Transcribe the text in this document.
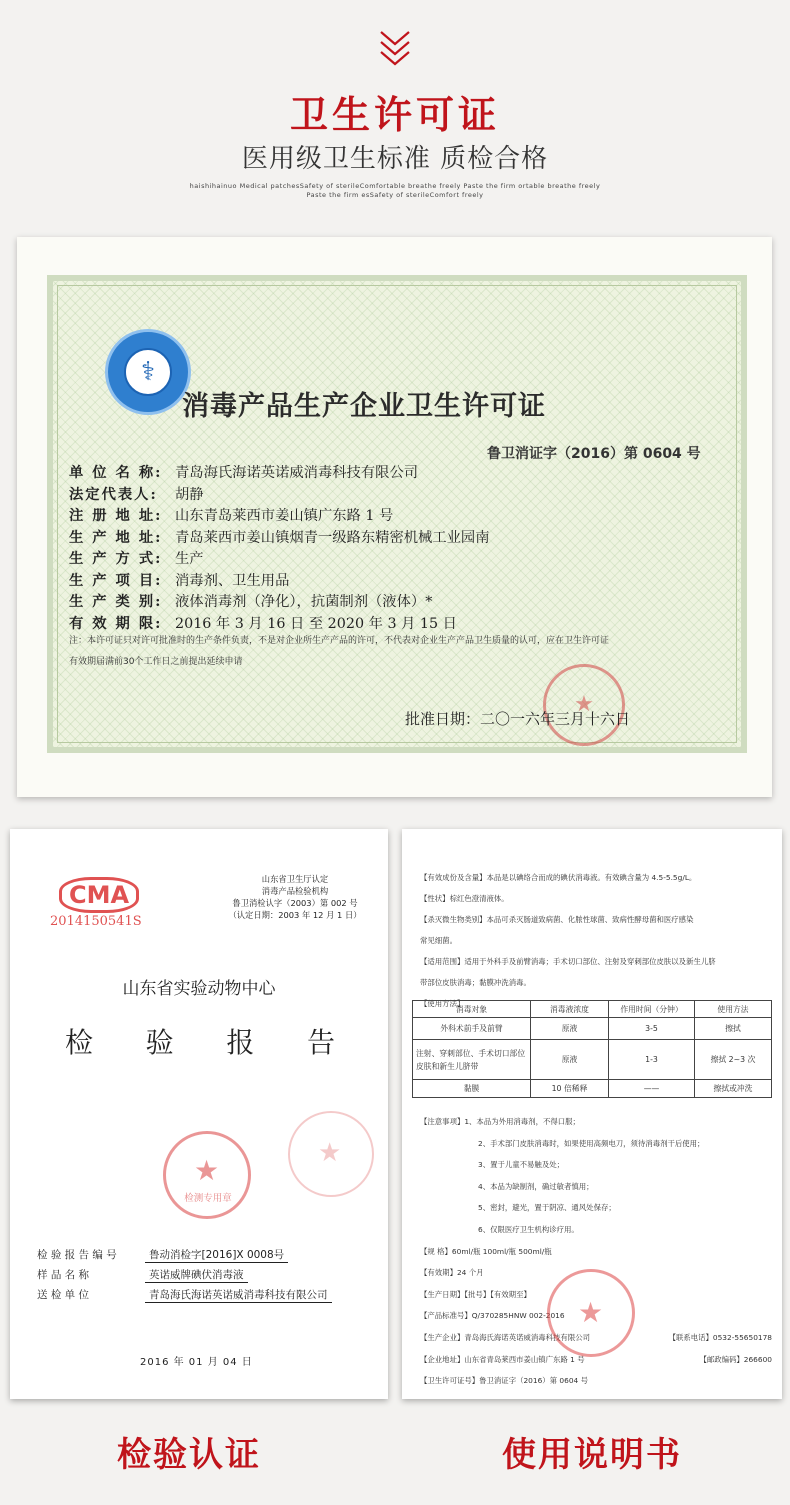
卫生许可证
医用级卫生标准 质检合格
haishihainuo Medical patchesSafety of sterileComfortable breathe freely Paste the firm ortable breathe freely
Paste the firm esSafety of sterileComfort freely
⚕
消毒产品生产企业卫生许可证
鲁卫消证字（2016）第 0604 号
单 位 名 称: 青岛海氏海诺英诺威消毒科技有限公司
法定代表人: 胡静
注 册 地 址: 山东青岛莱西市姜山镇广东路 1 号
生 产 地 址: 青岛莱西市姜山镇烟青一级路东精密机械工业园南
生 产 方 式: 生产
生 产 项 目: 消毒剂、卫生用品
生 产 类 别: 液体消毒剂（净化），抗菌制剂（液体）*
有 效 期 限: 2016 年 3 月 16 日 至 2020 年 3 月 15 日
注：本许可证只对许可批准时的生产条件负责，不是对企业所生产产品的许可，不代表对企业生产产品卫生质量的认可，应在卫生许可证
有效期届满前30个工作日之前提出延续申请
★
批准日期：二〇一六年三月十六日
CMA
2014150541S
山东省卫生厅认定
消毒产品检验机构
鲁卫消检认字（2003）第 002 号
（认定日期：2003 年 12 月 1 日）
山东省实验动物中心
检 验 报 告
★
★
检测专用章
检 验 报 告 编 号	鲁动消检字[2016]X 0008号
样 品 名 称	英诺威牌碘伏消毒液
送 检 单 位	青岛海氏海诺英诺威消毒科技有限公司
2016 年 01 月 04 日
【有效成份及含量】本品是以碘络合而成的碘伏消毒液。有效碘含量为 4.5-5.5g/L。
【性状】棕红色澄清液体。
【杀灭微生物类别】本品可杀灭肠道致病菌、化脓性球菌、致病性酵母菌和医疗感染
常见细菌。
【适用范围】适用于外科手及前臂消毒；手术切口部位、注射及穿刺部位皮肤以及新生儿脐
带部位皮肤消毒；黏膜冲洗消毒。
【使用方法】
消毒对象	消毒液浓度	作用时间（分钟）	使用方法
外科术前手及前臂	原液	3-5	擦拭
注射、穿刺部位、手术切口部位皮肤和新生儿脐带	原液	1-3	擦拭 2~3 次
黏膜	10 倍稀释	——	擦拭或冲洗
【注意事项】1、本品为外用消毒剂，不得口服；
2、手术部门皮肤消毒时，如果使用高频电刀，须待消毒剂干后使用；
3、置于儿童不易触及处；
4、本品为缺制剂，确过敏者慎用；
5、密封，避光，置于阴凉、通风处保存；
6、仅限医疗卫生机构诊疗用。
【规 格】60ml/瓶 100ml/瓶 500ml/瓶
【有效期】24 个月
【生产日期】【批号】【有效期至】
【产品标准号】Q/370285HNW 002-2016
【生产企业】青岛海氏海诺英诺威消毒科技有限公司	【联系电话】0532-55650178
【企业地址】山东省青岛莱西市姜山镇广东路 1 号	【邮政编码】266600
【卫生许可证号】鲁卫消证字（2016）第 0604 号
★
检验认证	使用说明书
